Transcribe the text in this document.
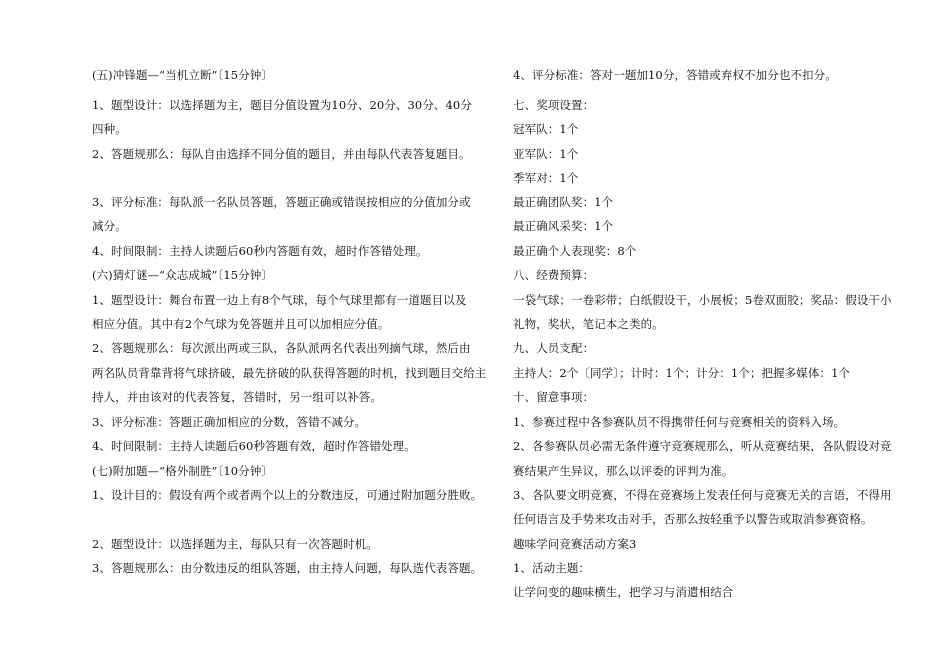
(五)冲锋题—“当机立断”〔15分钟〕
1、题型设计：以选择题为主，题目分值设置为10分、20分、30分、40分
四种。
2、答题规那么：每队自由选择不同分值的题目，并由每队代表答复题目。
3、评分标准：每队派一名队员答题，答题正确或错误按相应的分值加分或
减分。
4、时间限制：主持人读题后60秒内答题有效，超时作答错处理。
(六)猜灯谜—“众志成城”〔15分钟〕
1、题型设计：舞台布置一边上有8个气球，每个气球里都有一道题目以及
相应分值。其中有2个气球为免答题并且可以加相应分值。
2、答题规那么：每次派出两或三队，各队派两名代表出列摘气球，然后由
两名队员背靠背将气球挤破，最先挤破的队获得答题的时机，找到题目交给主
持人，并由该对的代表答复，答错时，另一组可以补答。
3、评分标准：答题正确加相应的分数，答错不减分。
4、时间限制：主持人读题后60秒答题有效，超时作答错处理。
(七)附加题—“格外制胜”〔10分钟〕
1、设计目的：假设有两个或者两个以上的分数违反，可通过附加题分胜败。
2、题型设计：以选择题为主，每队只有一次答题时机。
3、答题规那么：由分数违反的组队答题，由主持人问题，每队选代表答题。
4、评分标准：答对一题加10分，答错或弃权不加分也不扣分。
七、奖项设置：
冠军队：1个
亚军队：1个
季军对：1个
最正确团队奖：1个
最正确风采奖：1个
最正确个人表现奖：8个
八、经费预算：
一袋气球；一卷彩带；白纸假设干，小展板；5卷双面胶；奖品：假设干小
礼物，奖状，笔记本之类的。
九、人员支配：
主持人：2个〔同学〕；计时：1个；计分：1个；把握多媒体：1个
十、留意事项：
1、参赛过程中各参赛队员不得携带任何与竞赛相关的资料入场。
2、各参赛队员必需无条件遵守竞赛规那么，听从竞赛结果，各队假设对竞
赛结果产生异议，那么以评委的评判为准。
3、各队要文明竞赛，不得在竞赛场上发表任何与竞赛无关的言语，不得用
任何语言及手势来攻击对手，否那么按轻重予以警告或取消参赛资格。
趣味学问竞赛活动方案3
1、活动主题：
让学问变的趣味横生，把学习与消遣相结合
